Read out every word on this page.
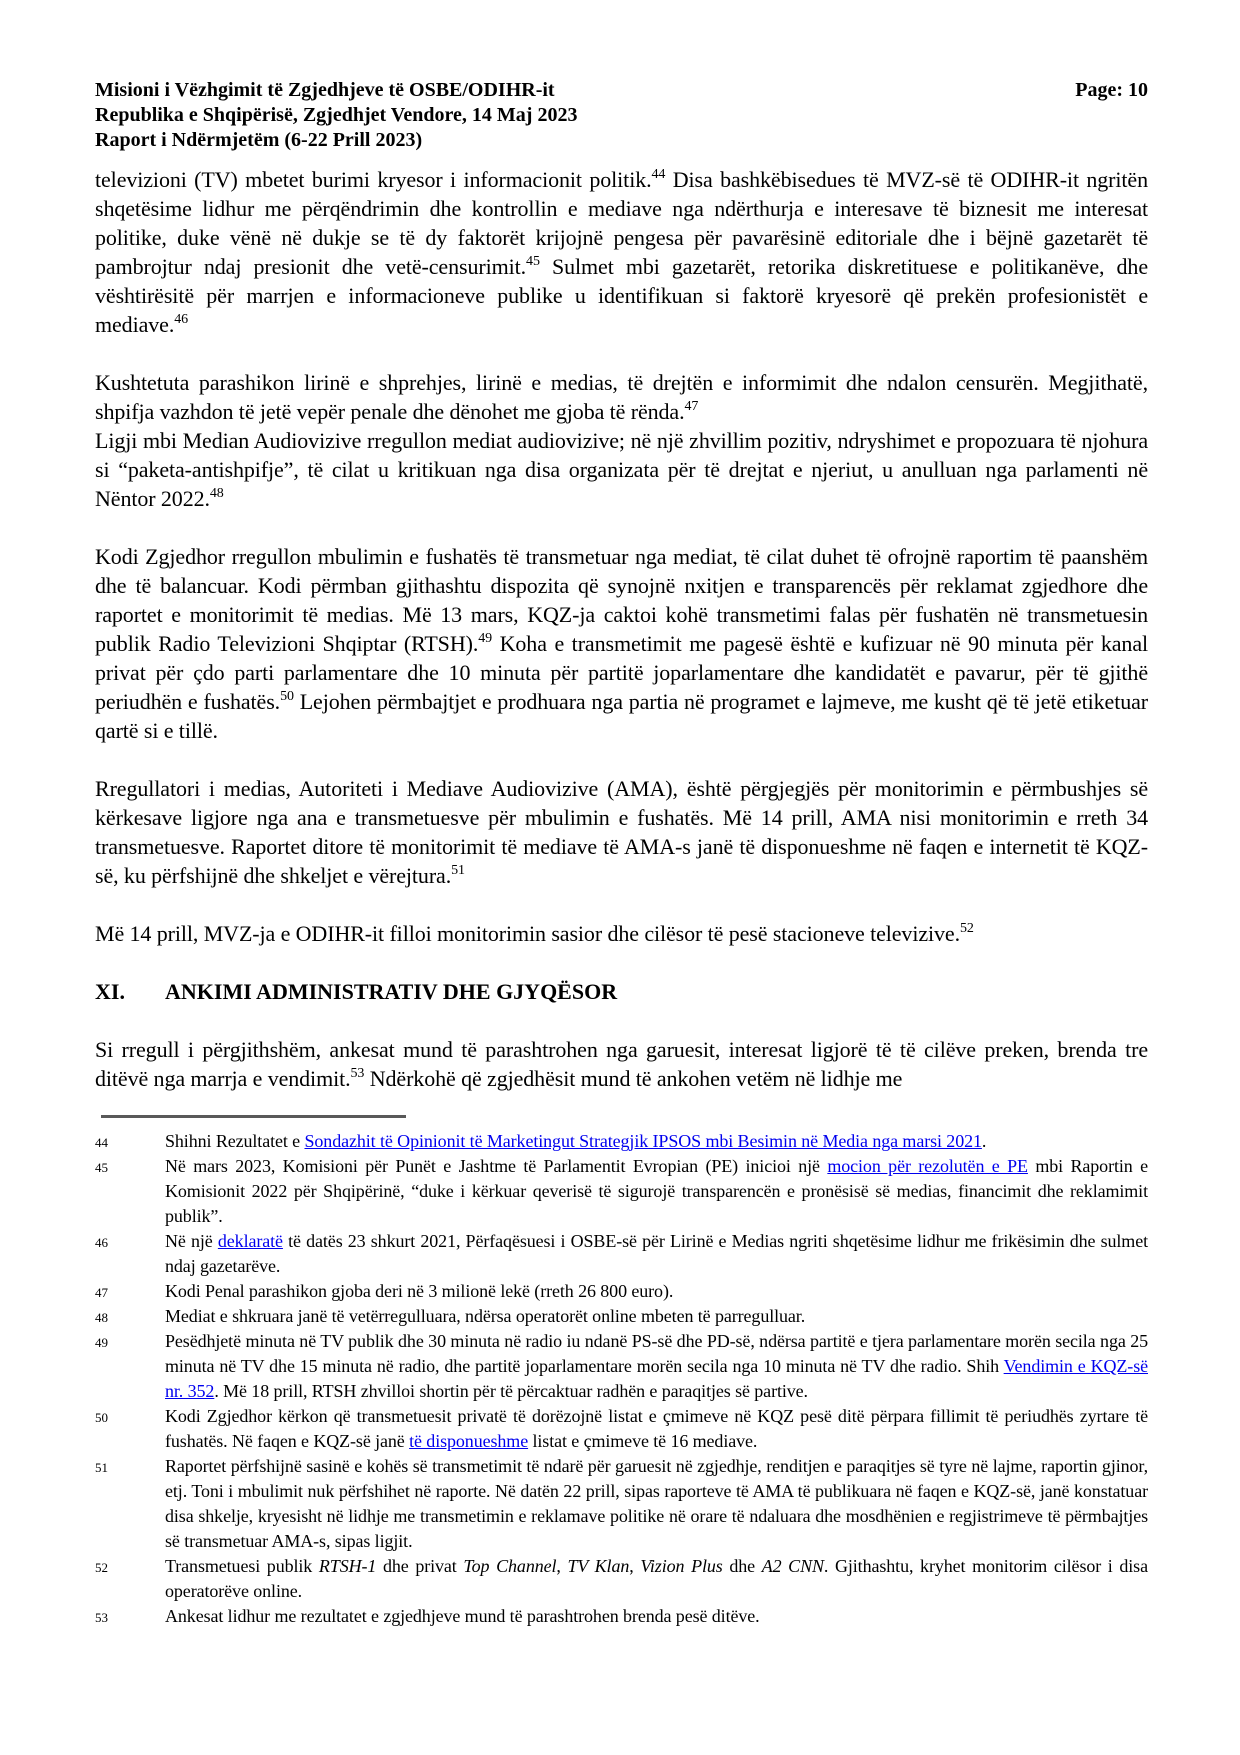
Misioni i Vëzhgimit të Zgjedhjeve të OSBE/ODIHR-it	Page: 10
Republika e Shqipërisë, Zgjedhjet Vendore, 14 Maj 2023
Raport i Ndërmjetëm (6-22 Prill 2023)

televizioni (TV) mbetet burimi kryesor i informacionit politik.$^{44}$ Disa bashkëbisedues të MVZ-së të ODIHR-it ngritën shqetësime lidhur me përqëndrimin dhe kontrollin e mediave nga ndërthurja e interesave të biznesit me interesat politike, duke vënë në dukje se të dy faktorët krijojnë pengesa për pavarësinë editoriale dhe i bëjnë gazetarët të pambrojtur ndaj presionit dhe vetë-censurimit.$^{45}$ Sulmet mbi gazetarët, retorika diskretituese e politikanëve, dhe vështirësitë për marrjen e informacioneve publike u identifikuan si faktorë kryesorë që prekën profesionistët e mediave.$^{46}$

Kushtetuta parashikon lirinë e shprehjes, lirinë e medias, të drejtën e informimit dhe ndalon censurën. Megjithatë, shpifja vazhdon të jetë vepër penale dhe dënohet me gjoba të rënda.$^{47}$

Ligji mbi Median Audiovizive rregullon mediat audiovizive; në një zhvillim pozitiv, ndryshimet e propozuara të njohura si “paketa-antishpifje”, të cilat u kritikuan nga disa organizata për të drejtat e njeriut, u anulluan nga parlamenti në Nëntor 2022.48

Kodi Zgjedhor rregullon mbulimin e fushatës të transmetuar nga mediat, të cilat duhet të ofrojnë raportim të paanshëm dhe të balancuar. Kodi përmban gjithashtu dispozita që synojnë nxitjen e transparencës për reklamat zgjedhore dhe raportet e monitorimit të medias. Më 13 mars, KQZ-ja caktoi kohë transmetimi falas për fushatën në transmetuesin publik Radio Televizioni Shqiptar (RTSH).$^{49}$ Koha e transmetimit me pagesë është e kufizuar në 90 minuta për kanal privat për çdo parti parlamentare dhe 10 minuta për partitë joparlamentare dhe kandidatët e pavarur, për të gjithë periudhën e fushatës.$^{50}$ Lejohen përmbajtjet e prodhuara nga partia në programet e lajmeve, me kusht që të jetë etiketuar qartë si e tillë.

Rregullatori i medias, Autoriteti i Mediave Audiovizive (AMA), është përgjegjës për monitorimin e përmbushjes së kërkesave ligjore nga ana e transmetuesve për mbulimin e fushatës. Më 14 prill, AMA nisi monitorimin e rreth 34 transmetuesve. Raportet ditore të monitorimit të mediave të AMA-s janë të disponueshme në faqen e internetit të KQZ-së, ku përfshijnë dhe shkeljet e vërejtura.$^{51}$

Më 14 prill, MVZ-ja e ODIHR-it filloi monitorimin sasior dhe cilësor të pesë stacioneve televizive.$^{52}$

XI.	ANKIMI ADMINISTRATIV DHE GJYQËSOR

Si rregull i përgjithshëm, ankesat mund të parashtrohen nga garuesit, interesat ligjorë të të cilëve preken, brenda tre ditëvë nga marrja e vendimit.$^{53}$ Ndërkohë që zgjedhësit mund të ankohen vetëm në lidhje me

44	Shihni Rezultatet e Sondazhit të Opinionit të Marketingut Strategjik IPSOS mbi Besimin në Media nga marsi 2021.
45	Në mars 2023, Komisioni për Punët e Jashtme të Parlamentit Evropian (PE) inicioi një mocion për rezolutën e PE mbi Raportin e Komisionit 2022 për Shqipërinë, “duke i kërkuar qeverisë të sigurojë transparencën e pronësisë së medias, financimit dhe reklamimit publik”.
46	Në një deklaratë të datës 23 shkurt 2021, Përfaqësuesi i OSBE-së për Lirinë e Medias ngriti shqetësime lidhur me frikësimin dhe sulmet ndaj gazetarëve.
47	Kodi Penal parashikon gjoba deri në 3 milionë lekë (rreth 26 800 euro).
48	Mediat e shkruara janë të vetërregulluara, ndërsa operatorët online mbeten të parregulluar.
49	Pesëdhjetë minuta në TV publik dhe 30 minuta në radio iu ndanë PS-së dhe PD-së, ndërsa partitë e tjera parlamentare morën secila nga 25 minuta në TV dhe 15 minuta në radio, dhe partitë joparlamentare morën secila nga 10 minuta në TV dhe radio. Shih Vendimin e KQZ-së nr. 352. Më 18 prill, RTSH zhvilloi shortin për të përcaktuar radhën e paraqitjes së partive.
50	Kodi Zgjedhor kërkon që transmetuesit privatë të dorëzojnë listat e çmimeve në KQZ pesë ditë përpara fillimit të periudhës zyrtare të fushatës. Në faqen e KQZ-së janë të disponueshme listat e çmimeve të 16 mediave.
51	Raportet përfshijnë sasinë e kohës së transmetimit të ndarë për garuesit në zgjedhje, renditjen e paraqitjes së tyre në lajme, raportin gjinor, etj. Toni i mbulimit nuk përfshihet në raporte. Në datën 22 prill, sipas raporteve të AMA të publikuara në faqen e KQZ-së, janë konstatuar disa shkelje, kryesisht në lidhje me transmetimin e reklamave politike në orare të ndaluara dhe mosdhënien e regjistrimeve të përmbajtjes së transmetuar AMA-s, sipas ligjit.
52	Transmetuesi publik RTSH-1 dhe privat Top Channel, TV Klan, Vizion Plus dhe A2 CNN. Gjithashtu, kryhet monitorim cilësor i disa operatorëve online.
53	Ankesat lidhur me rezultatet e zgjedhjeve mund të parashtrohen brenda pesë ditëve.
